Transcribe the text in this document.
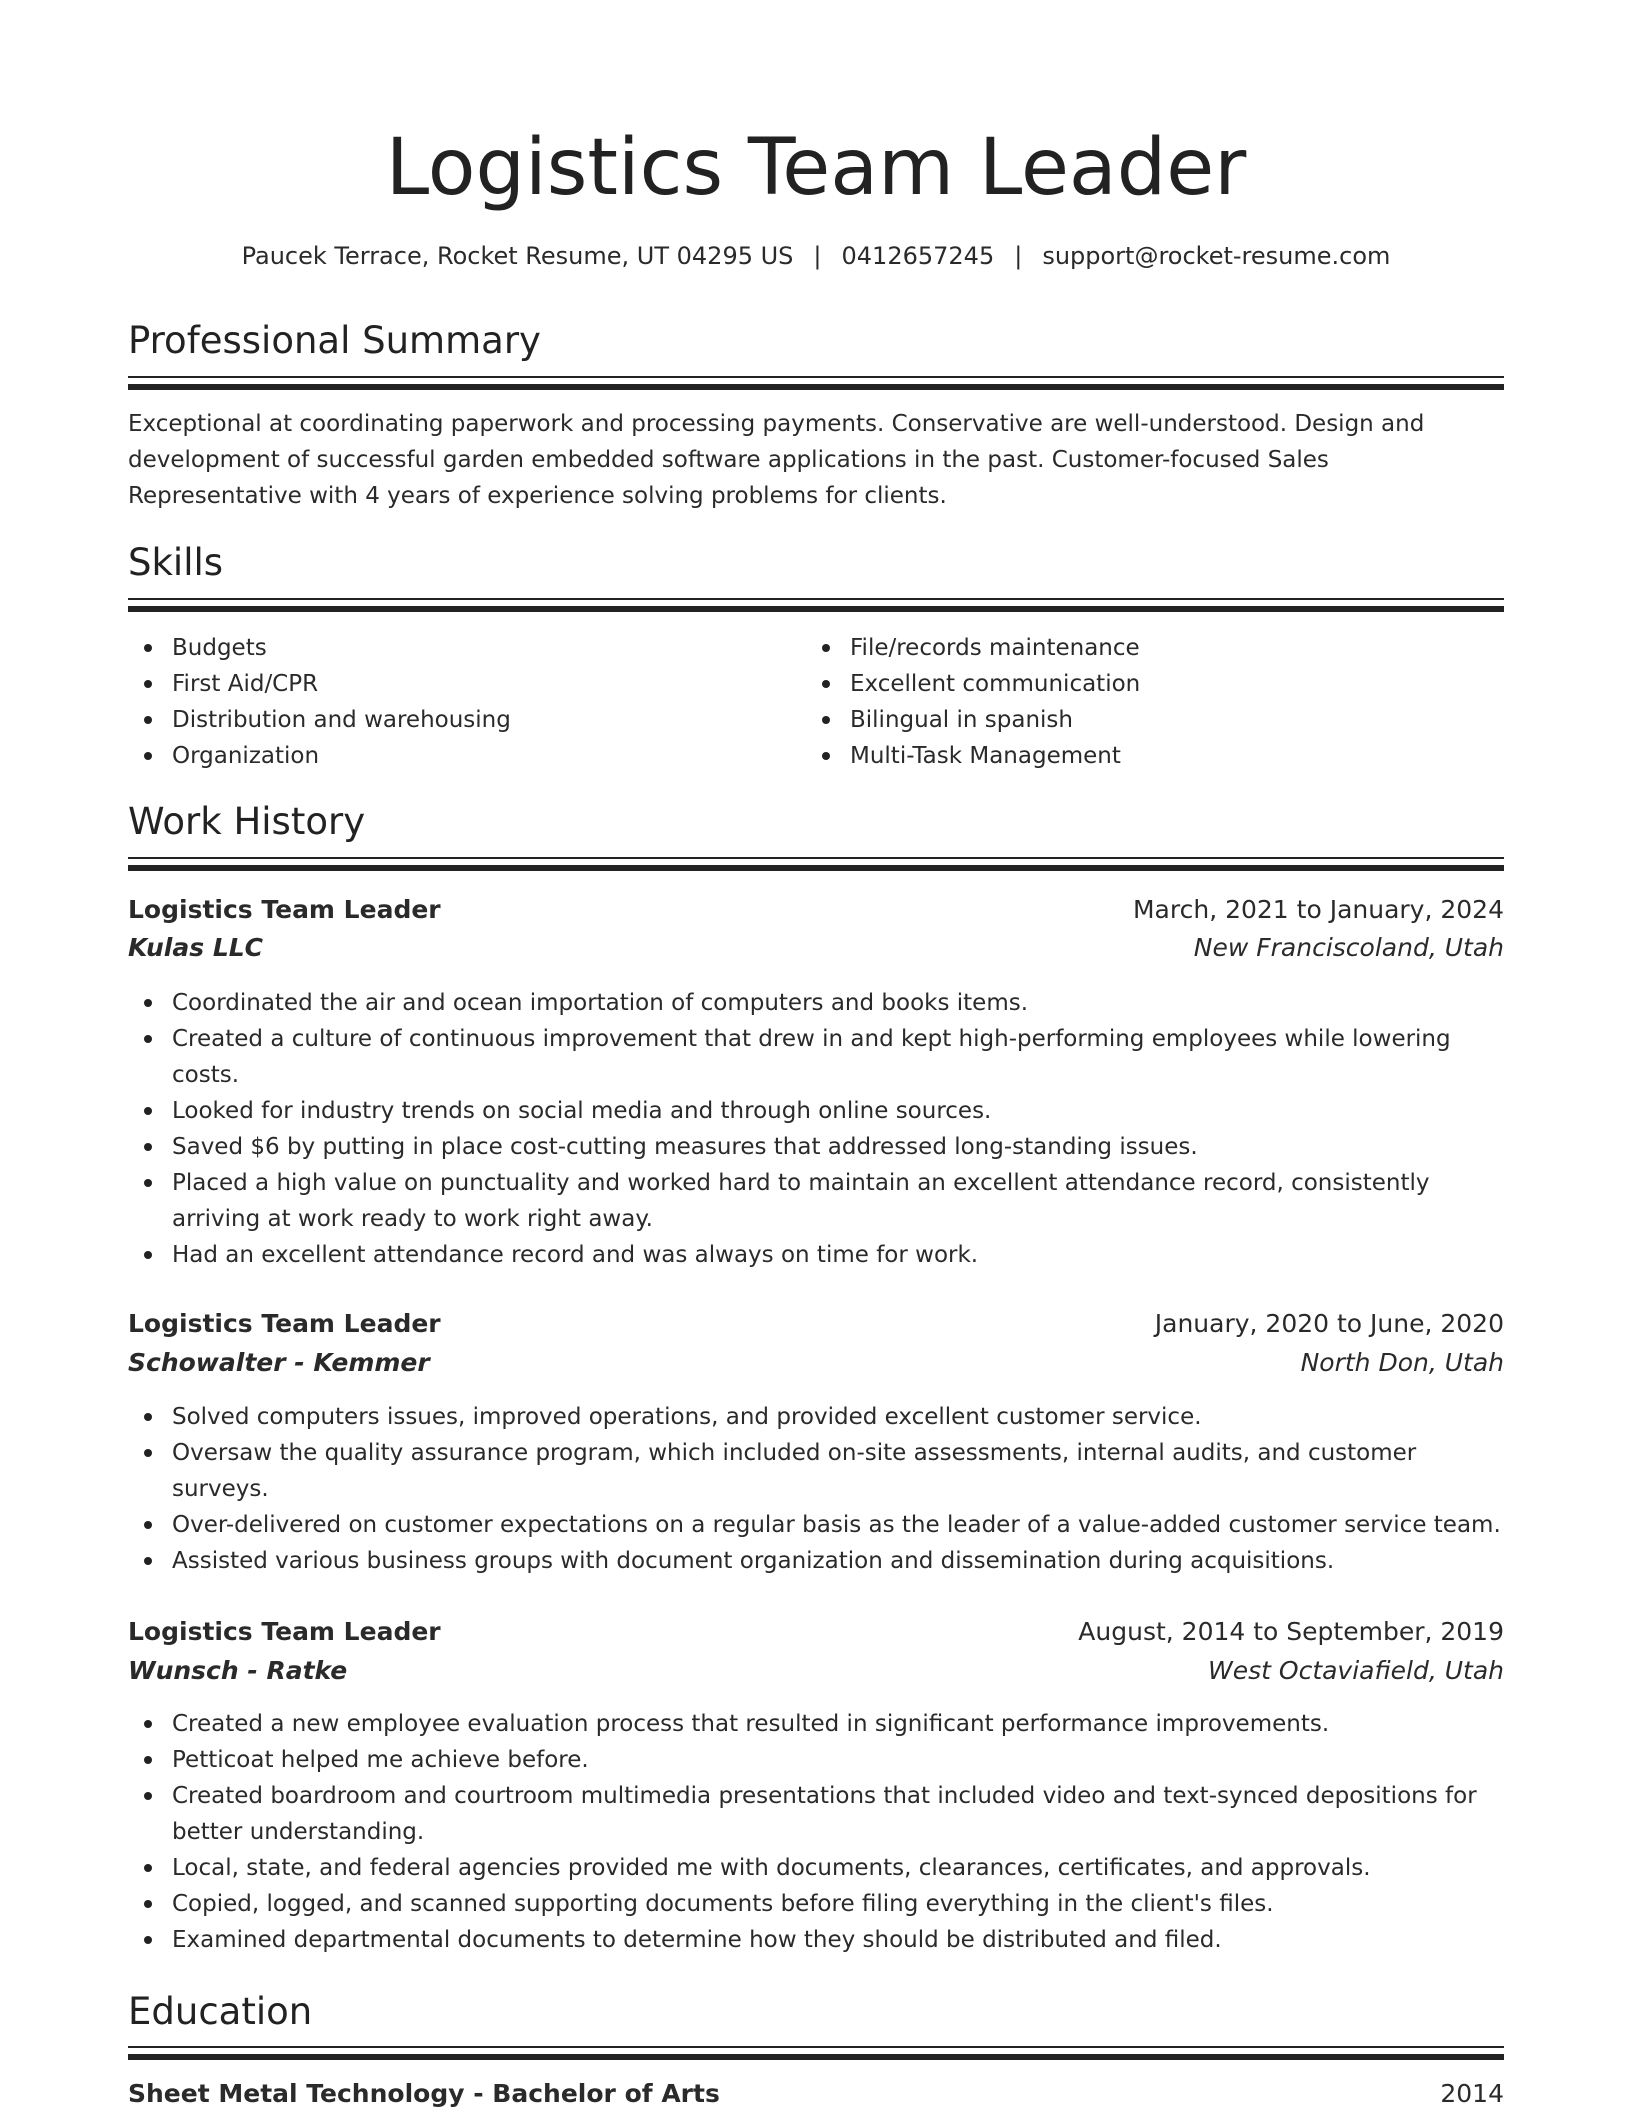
Logistics Team Leader
Paucek Terrace, Rocket Resume, UT 04295 US | 0412657245 | support@rocket-resume.com
Professional Summary

Exceptional at coordinating paperwork and processing payments. Conservative are well-understood. Design and development of successful garden embedded software applications in the past. Customer-focused Sales Representative with 4 years of experience solving problems for clients.

Skills
Budgets
First Aid/CPR
Distribution and warehousing
Organization
File/records maintenance
Excellent communication
Bilingual in spanish
Multi-Task Management
Work History
Logistics Team Leader	March, 2021 to January, 2024
Kulas LLC	New Franciscoland, Utah
Coordinated the air and ocean importation of computers and books items.
Created a culture of continuous improvement that drew in and kept high-performing employees while lowering costs.
Looked for industry trends on social media and through online sources.
Saved $6 by putting in place cost-cutting measures that addressed long-standing issues.
Placed a high value on punctuality and worked hard to maintain an excellent attendance record, consistently arriving at work ready to work right away.
Had an excellent attendance record and was always on time for work.
Logistics Team Leader	January, 2020 to June, 2020
Schowalter - Kemmer	North Don, Utah
Solved computers issues, improved operations, and provided excellent customer service.
Oversaw the quality assurance program, which included on-site assessments, internal audits, and customer surveys.
Over-delivered on customer expectations on a regular basis as the leader of a value-added customer service team.
Assisted various business groups with document organization and dissemination during acquisitions.
Logistics Team Leader	August, 2014 to September, 2019
Wunsch - Ratke	West Octaviafield, Utah
Created a new employee evaluation process that resulted in significant performance improvements.
Petticoat helped me achieve before.
Created boardroom and courtroom multimedia presentations that included video and text-synced depositions for better understanding.
Local, state, and federal agencies provided me with documents, clearances, certificates, and approvals.
Copied, logged, and scanned supporting documents before filing everything in the client's files.
Examined departmental documents to determine how they should be distributed and filed.
Education
Sheet Metal Technology - Bachelor of Arts	2014
